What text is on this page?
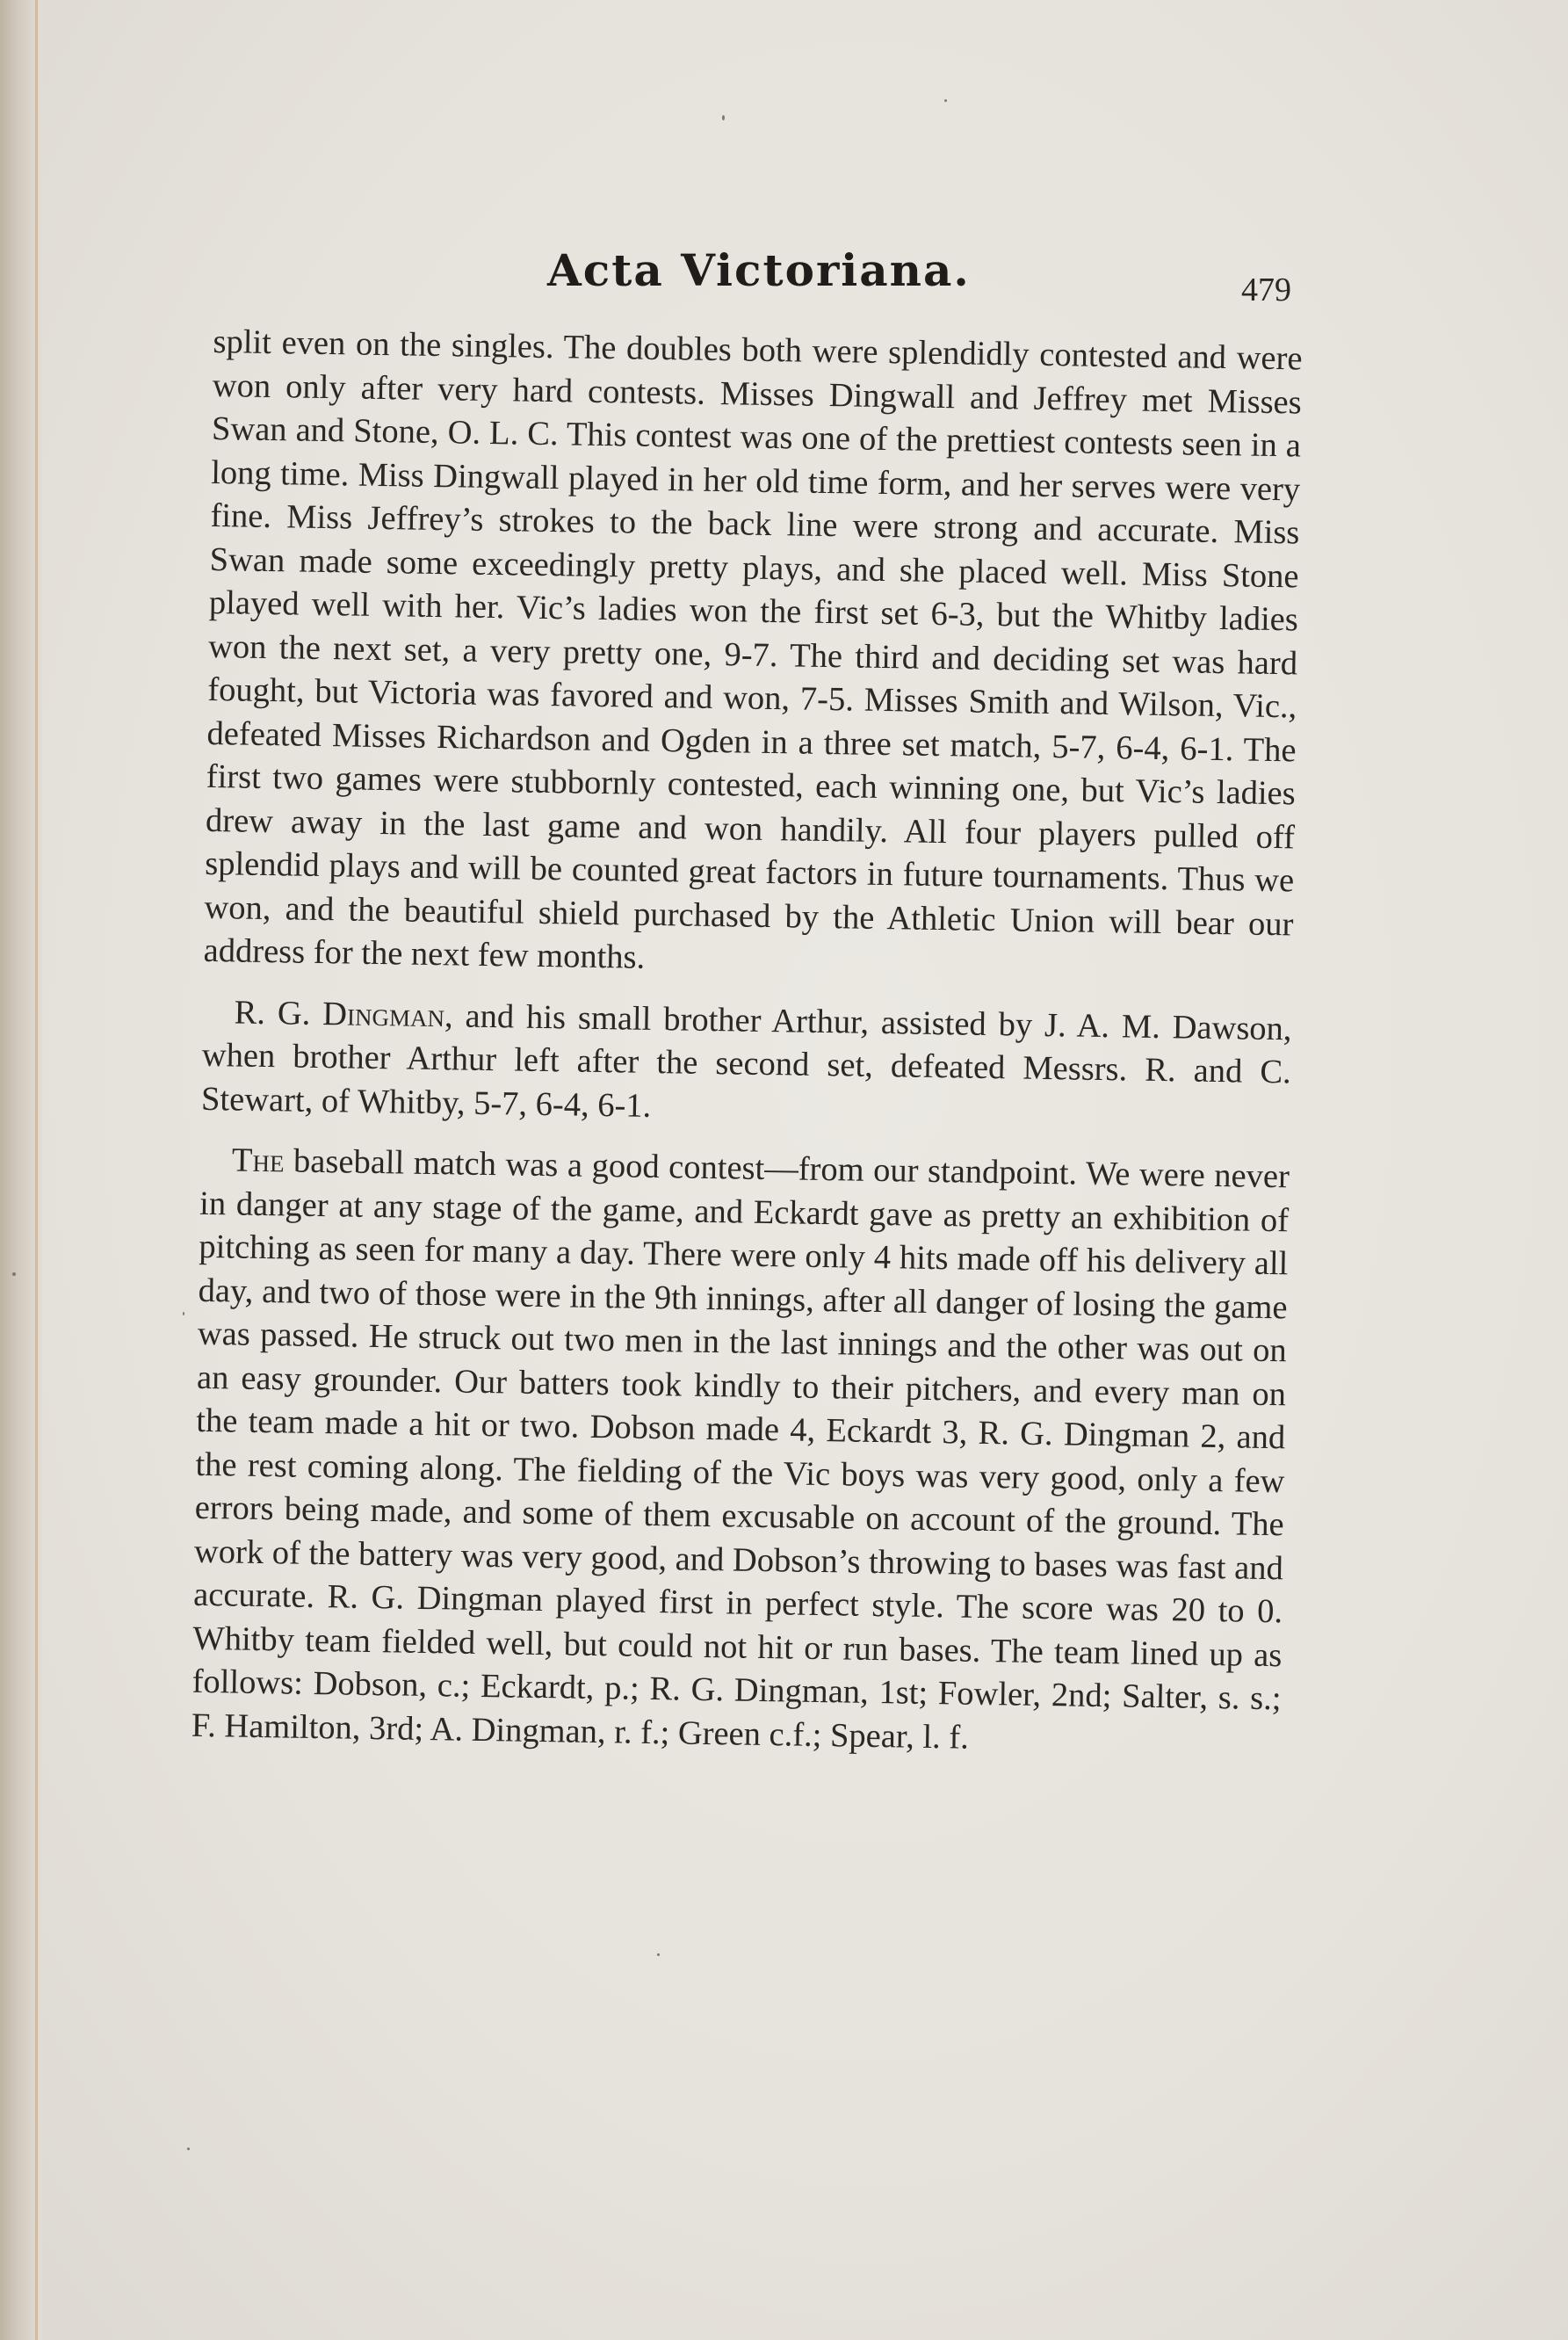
Acta Victoriana.	479

split even on the singles. The doubles both were splendidly contested and were won only after very hard contests. Misses Dingwall and Jeffrey met Misses Swan and Stone, O. L. C. This contest was one of the prettiest contests seen in a long time. Miss Dingwall played in her old time form, and her serves were very fine. Miss Jeffrey’s strokes to the back line were strong and accurate. Miss Swan made some exceedingly pretty plays, and she placed well. Miss Stone played well with her. Vic’s ladies won the first set 6-3, but the Whitby ladies won the next set, a very pretty one, 9-7. The third and deciding set was hard fought, but Victoria was favored and won, 7-5. Misses Smith and Wilson, Vic., defeated Misses Richardson and Ogden in a three set match, 5-7, 6-4, 6-1. The first two games were stubbornly contested, each winning one, but Vic’s ladies drew away in the last game and won handily. All four players pulled off splendid plays and will be counted great factors in future tournaments. Thus we won, and the beautiful shield purchased by the Athletic Union will bear our address for the next few months.

R. G. Dingman, and his small brother Arthur, assisted by J. A. M. Dawson, when brother Arthur left after the second set, defeated Messrs. R. and C. Stewart, of Whitby, 5-7, 6-4, 6-1.

The baseball match was a good contest—from our standpoint. We were never in danger at any stage of the game, and Eckardt gave as pretty an exhibition of pitching as seen for many a day. There were only 4 hits made off his delivery all day, and two of those were in the 9th innings, after all danger of losing the game was passed. He struck out two men in the last innings and the other was out on an easy grounder. Our batters took kindly to their pitchers, and every man on the team made a hit or two. Dobson made 4, Eckardt 3, R. G. Dingman 2, and the rest coming along. The fielding of the Vic boys was very good, only a few errors being made, and some of them excusable on account of the ground. The work of the battery was very good, and Dobson’s throwing to bases was fast and accurate. R. G. Dingman played first in perfect style. The score was 20 to 0. Whitby team fielded well, but could not hit or run bases. The team lined up as follows: Dobson, c.; Eckardt, p.; R. G. Dingman, 1st; Fowler, 2nd; Salter, s. s.; F. Hamilton, 3rd; A. Dingman, r. f.; Green c.f.; Spear, l. f.
